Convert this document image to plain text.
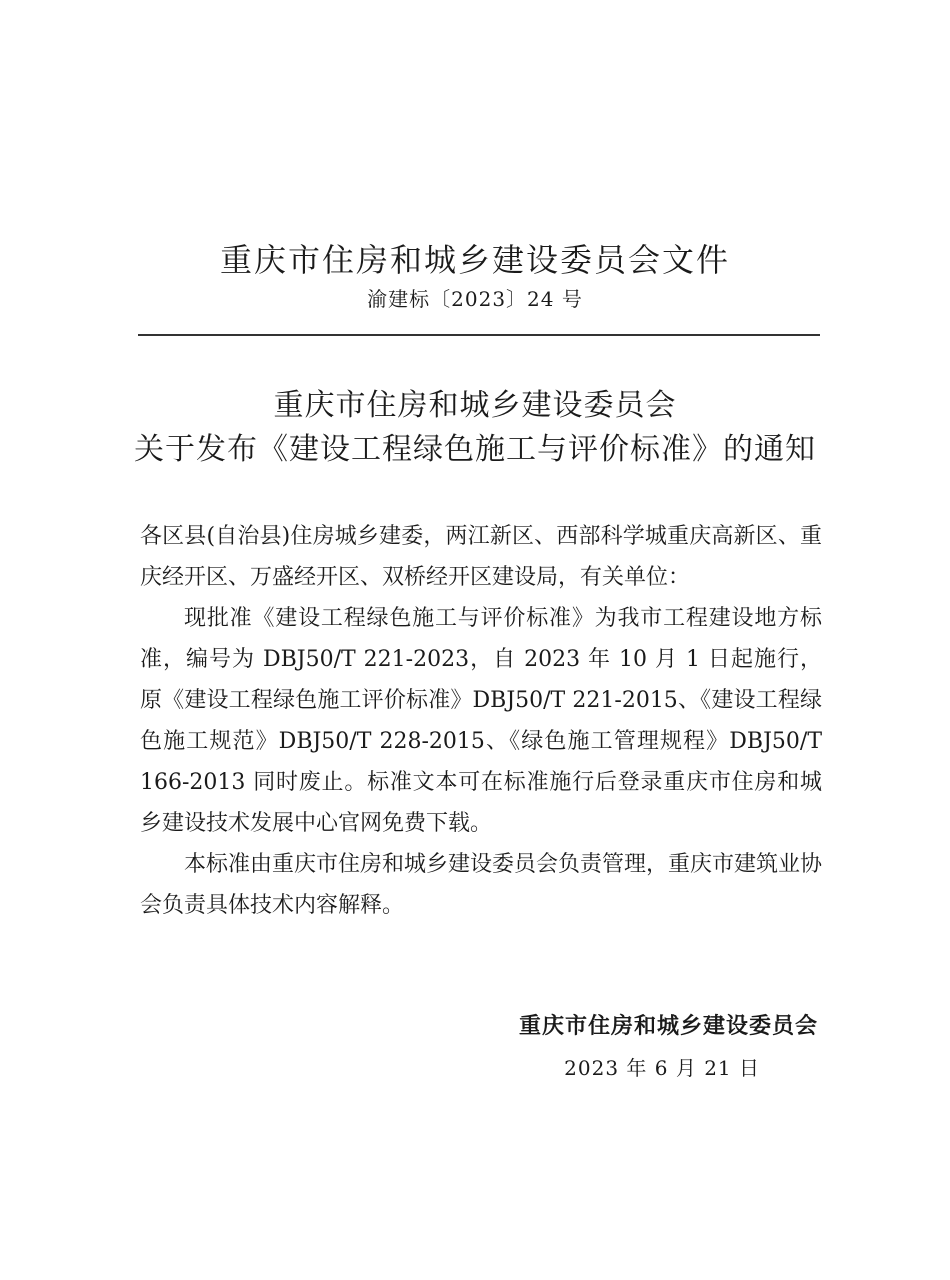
重庆市住房和城乡建设委员会文件
渝建标〔2023〕24 号
重庆市住房和城乡建设委员会
关于发布《建设工程绿色施工与评价标准》的通知

各区县(自治县)住房城乡建委，两江新区、西部科学城重庆高新区、重庆经开区、万盛经开区、双桥经开区建设局，有关单位：

现批准《建设工程绿色施工与评价标准》为我市工程建设地方标准，编号为 DBJ50/T 221-2023，自 2023 年 10 月 1 日起施行，原《建设工程绿色施工评价标准》DBJ50/T 221-2015、《建设工程绿色施工规范》DBJ50/T 228-2015、《绿色施工管理规程》DBJ50/T 166-2013 同时废止。标准文本可在标准施行后登录重庆市住房和城乡建设技术发展中心官网免费下载。

本标准由重庆市住房和城乡建设委员会负责管理，重庆市建筑业协会负责具体技术内容解释。

重庆市住房和城乡建设委员会
2023 年 6 月 21 日
